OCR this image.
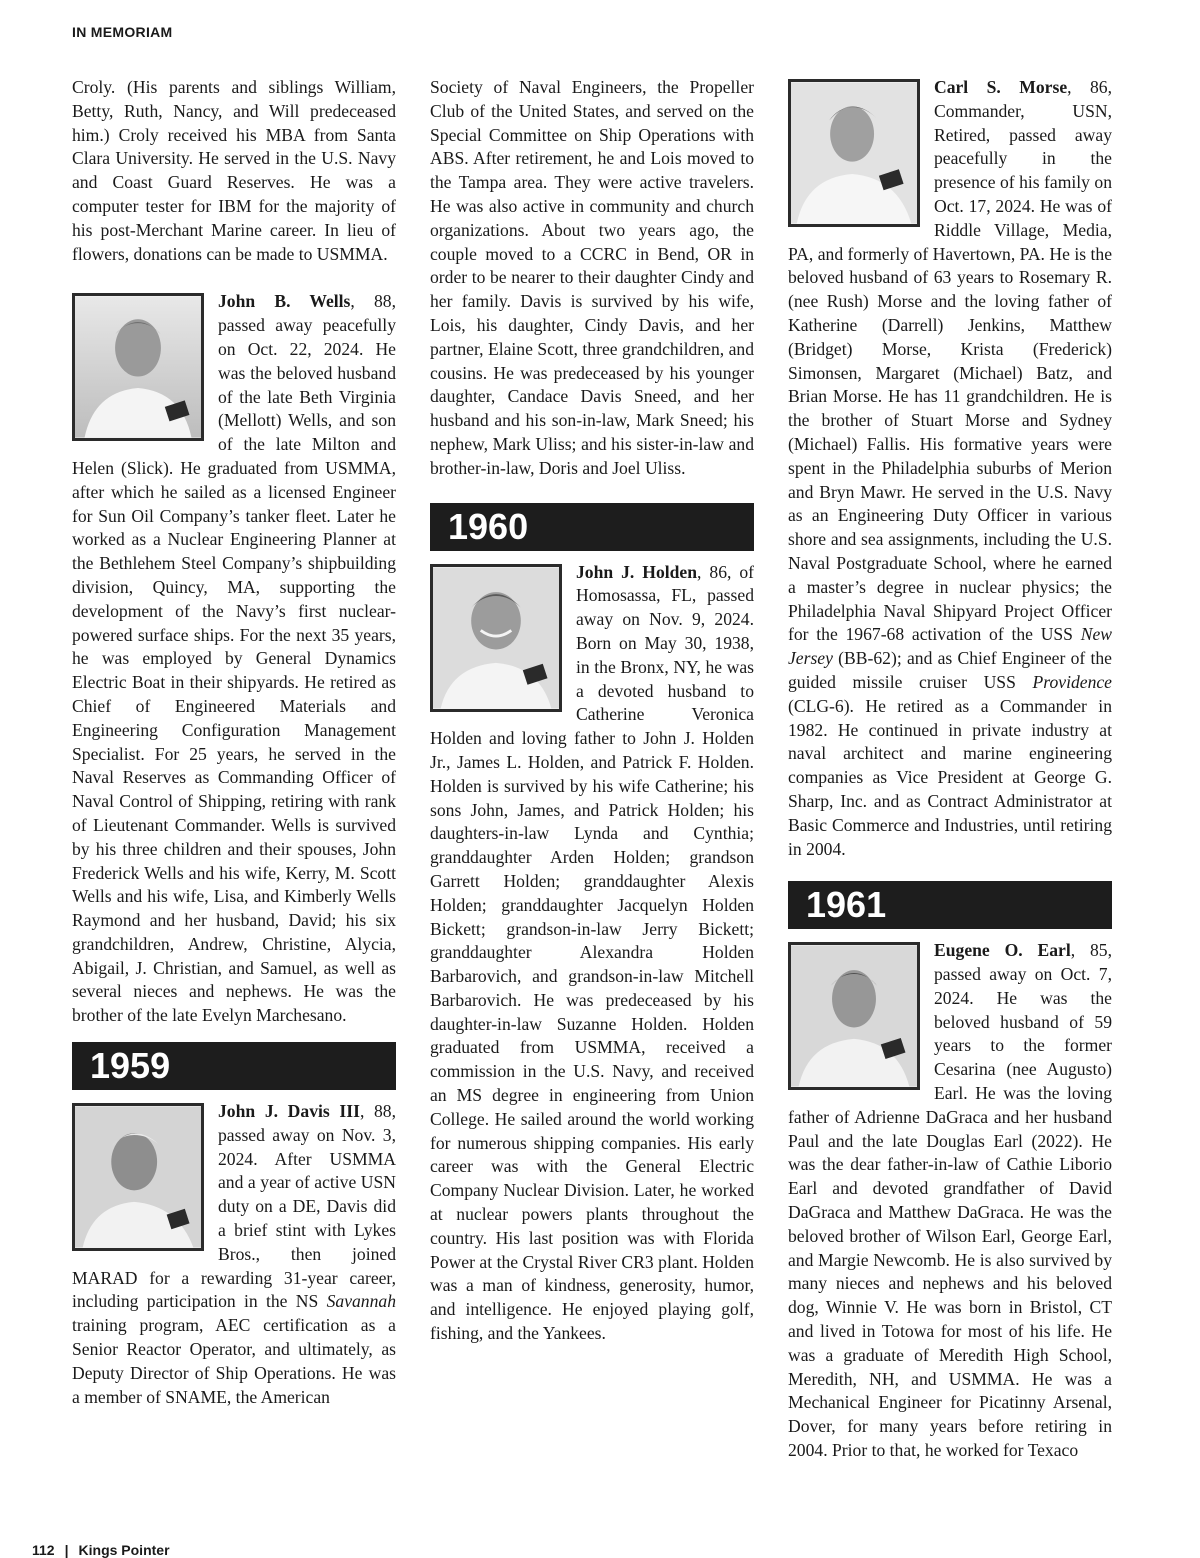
IN MEMORIAM

Croly. (His parents and siblings William, Betty, Ruth, Nancy, and Will predeceased him.) Croly received his MBA from Santa Clara University. He served in the U.S. Navy and Coast Guard Reserves. He was a computer tester for IBM for the majority of his post-Merchant Marine career. In lieu of flowers, donations can be made to USMMA.

John B. Wells, 88, passed away peacefully on Oct. 22, 2024. He was the beloved husband of the late Beth Virginia (Mellott) Wells, and son of the late Milton and Helen (Slick). He graduated from USMMA, after which he sailed as a licensed Engineer for Sun Oil Company’s tanker fleet. Later he worked as a Nuclear Engineering Planner at the Bethlehem Steel Company’s shipbuilding division, Quincy, MA, supporting the development of the Navy’s first nuclear-powered surface ships. For the next 35 years, he was employed by General Dynamics Electric Boat in their shipyards. He retired as Chief of Engineered Materials and Engineering Configuration Management Specialist. For 25 years, he served in the Naval Reserves as Commanding Officer of Naval Control of Shipping, retiring with rank of Lieutenant Commander. Wells is survived by his three children and their spouses, John Frederick Wells and his wife, Kerry, M. Scott Wells and his wife, Lisa, and Kimberly Wells Raymond and her husband, David; his six grandchildren, Andrew, Christine, Alycia, Abigail, J. Christian, and Samuel, as well as several nieces and nephews. He was the brother of the late Evelyn Marchesano.

1959

John J. Davis III, 88, passed away on Nov. 3, 2024. After USMMA and a year of active USN duty on a DE, Davis did a brief stint with Lykes Bros., then joined MARAD for a rewarding 31-year career, including participation in the NS Savannah training program, AEC certification as a Senior Reactor Operator, and ultimately, as Deputy Director of Ship Operations. He was a member of SNAME, the American

Society of Naval Engineers, the Propeller Club of the United States, and served on the Special Committee on Ship Operations with ABS. After retirement, he and Lois moved to the Tampa area. They were active travelers. He was also active in community and church organizations. About two years ago, the couple moved to a CCRC in Bend, OR in order to be nearer to their daughter Cindy and her family. Davis is survived by his wife, Lois, his daughter, Cindy Davis, and her partner, Elaine Scott, three grandchildren, and cousins. He was predeceased by his younger daughter, Candace Davis Sneed, and her husband and his son-in-law, Mark Sneed; his nephew, Mark Uliss; and his sister-in-law and brother-in-law, Doris and Joel Uliss.

1960

John J. Holden, 86, of Homosassa, FL, passed away on Nov. 9, 2024. Born on May 30, 1938, in the Bronx, NY, he was a devoted husband to Catherine Veronica Holden and loving father to John J. Holden Jr., James L. Holden, and Patrick F. Holden. Holden is survived by his wife Catherine; his sons John, James, and Patrick Holden; his daughters-in-law Lynda and Cynthia; granddaughter Arden Holden; grandson Garrett Holden; granddaughter Alexis Holden; granddaughter Jacquelyn Holden Bickett; grandson-in-law Jerry Bickett; granddaughter Alexandra Holden Barbarovich, and grandson-in-law Mitchell Barbarovich. He was predeceased by his daughter-in-law Suzanne Holden. Holden graduated from USMMA, received a commission in the U.S. Navy, and received an MS degree in engineering from Union College. He sailed around the world working for numerous shipping companies. His early career was with the General Electric Company Nuclear Division. Later, he worked at nuclear powers plants throughout the country. His last position was with Florida Power at the Crystal River CR3 plant. Holden was a man of kindness, generosity, humor, and intelligence. He enjoyed playing golf, fishing, and the Yankees.

Carl S. Morse, 86, Commander, USN, Retired, passed away peacefully in the presence of his family on Oct. 17, 2024. He was of Riddle Village, Media, PA, and formerly of Havertown, PA. He is the beloved husband of 63 years to Rosemary R. (nee Rush) Morse and the loving father of Katherine (Darrell) Jenkins, Matthew (Bridget) Morse, Krista (Frederick) Simonsen, Margaret (Michael) Batz, and Brian Morse. He has 11 grandchildren. He is the brother of Stuart Morse and Sydney (Michael) Fallis. His formative years were spent in the Philadelphia suburbs of Merion and Bryn Mawr. He served in the U.S. Navy as an Engineering Duty Officer in various shore and sea assignments, including the U.S. Naval Postgraduate School, where he earned a master’s degree in nuclear physics; the Philadelphia Naval Shipyard Project Officer for the 1967-68 activation of the USS New Jersey (BB-62); and as Chief Engineer of the guided missile cruiser USS Providence (CLG-6). He retired as a Commander in 1982. He continued in private industry at naval architect and marine engineering companies as Vice President at George G. Sharp, Inc. and as Contract Administrator at Basic Commerce and Industries, until retiring in 2004.

1961

Eugene O. Earl, 85, passed away on Oct. 7, 2024. He was the beloved husband of 59 years to the former Cesarina (nee Augusto) Earl. He was the loving father of Adrienne DaGraca and her husband Paul and the late Douglas Earl (2022). He was the dear father-in-law of Cathie Liborio Earl and devoted grandfather of David DaGraca and Matthew DaGraca. He was the beloved brother of Wilson Earl, George Earl, and Margie Newcomb. He is also survived by many nieces and nephews and his beloved dog, Winnie V. He was born in Bristol, CT and lived in Totowa for most of his life. He was a graduate of Meredith High School, Meredith, NH, and USMMA. He was a Mechanical Engineer for Picatinny Arsenal, Dover, for many years before retiring in 2004. Prior to that, he worked for Texaco

112 | Kings Pointer
